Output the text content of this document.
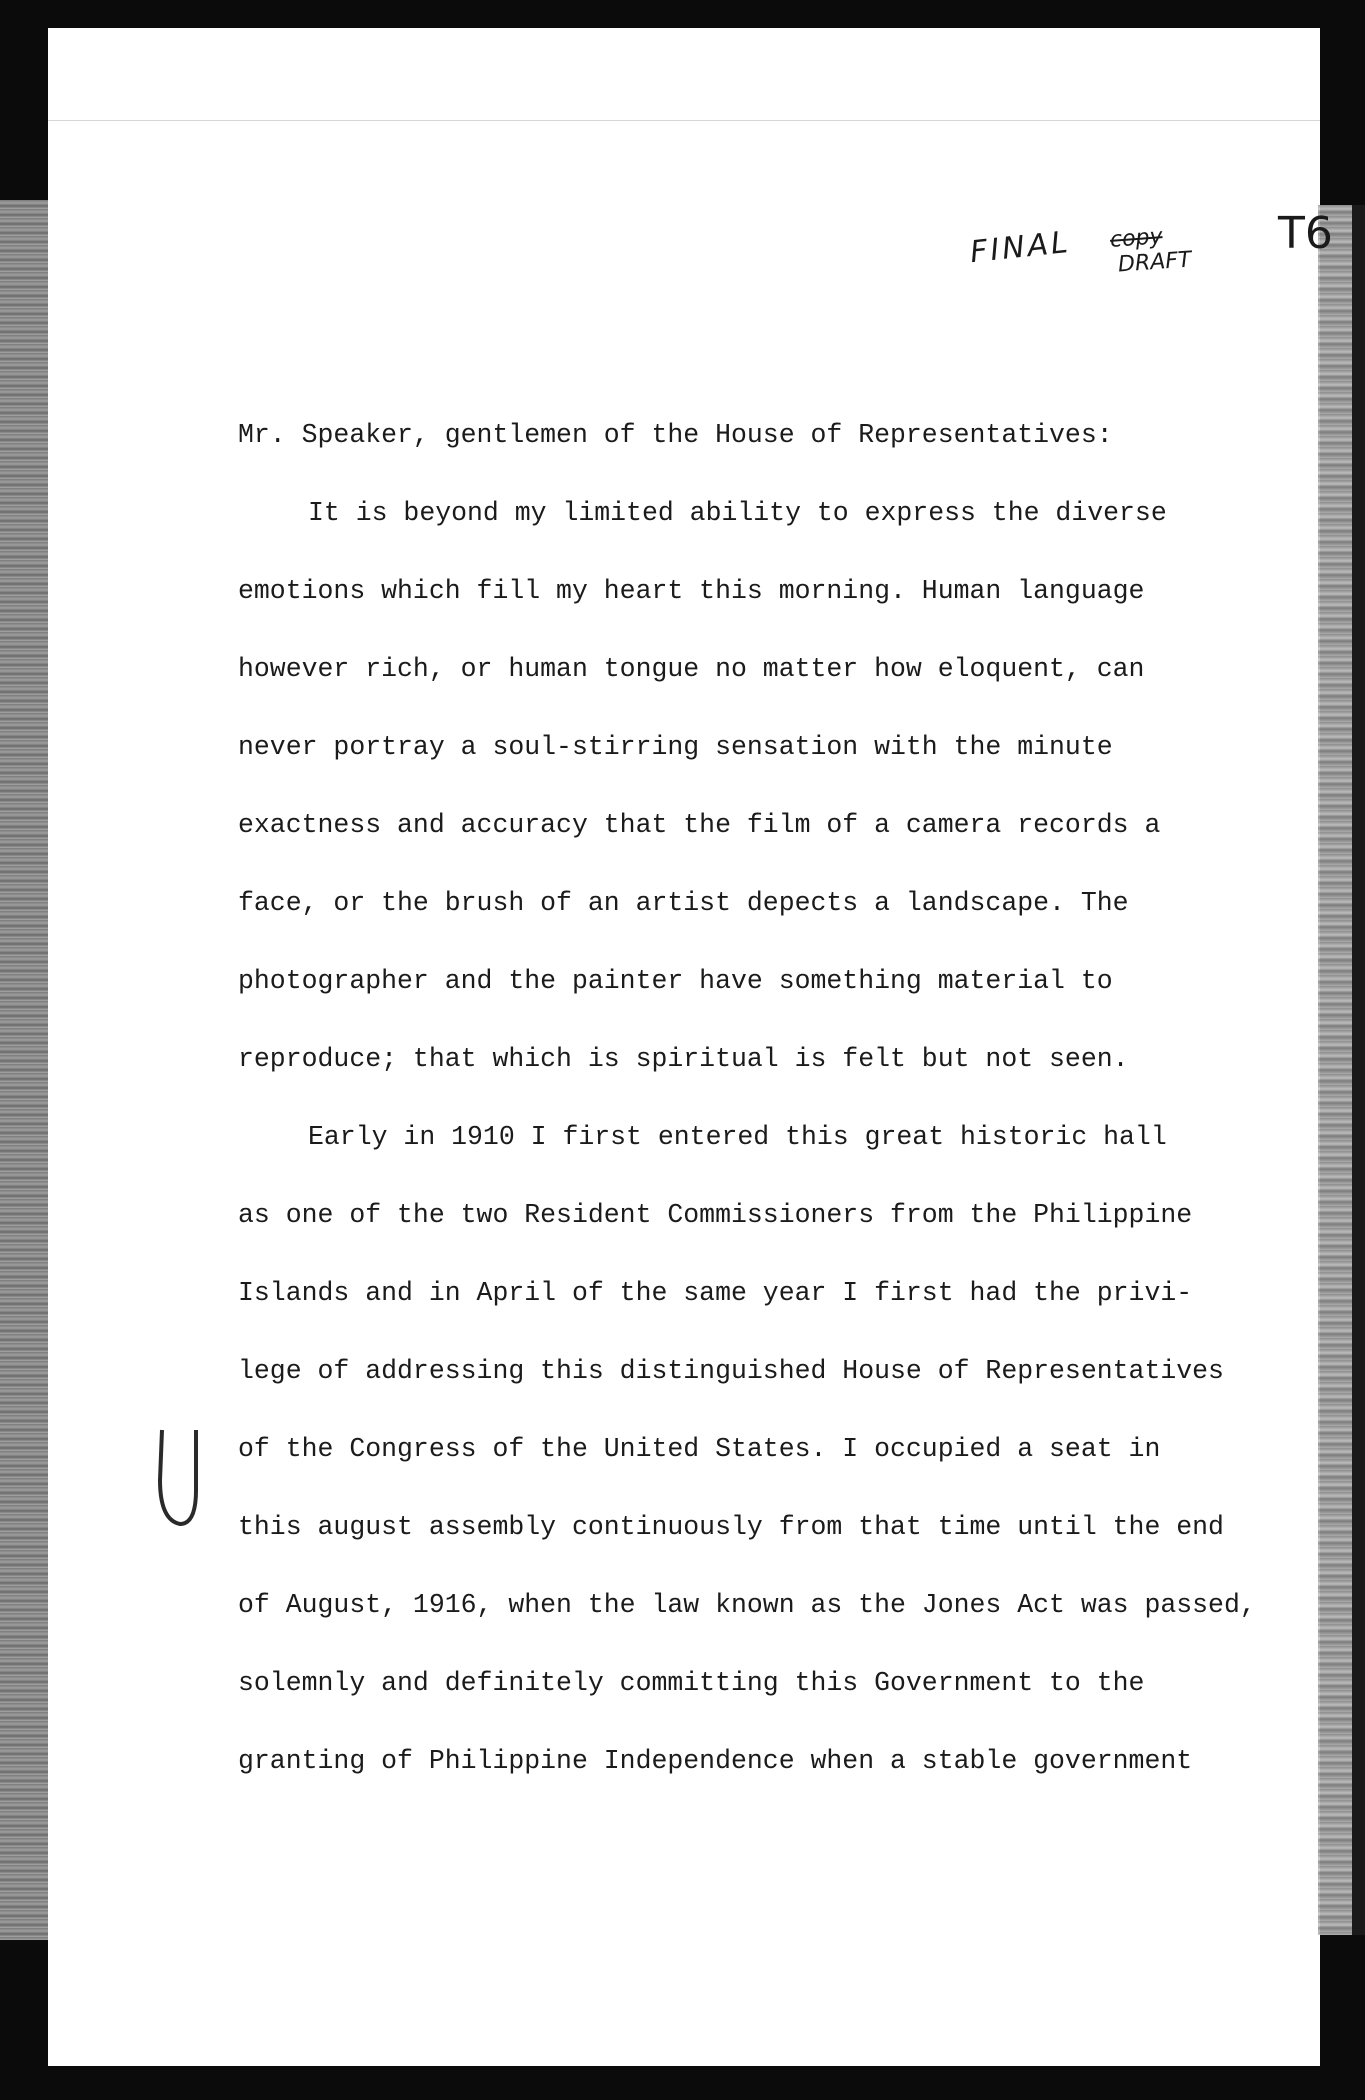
FINAL copy
DRAFT
T6
Mr. Speaker, gentlemen of the House of Representatives:
It is beyond my limited ability to express the diverse
emotions which fill my heart this morning. Human language
however rich, or human tongue no matter how eloquent, can
never portray a soul-stirring sensation with the minute
exactness and accuracy that the film of a camera records a
face, or the brush of an artist depects a landscape. The
photographer and the painter have something material to
reproduce; that which is spiritual is felt but not seen.
Early in 1910 I first entered this great historic hall
as one of the two Resident Commissioners from the Philippine
Islands and in April of the same year I first had the privi-
lege of addressing this distinguished House of Representatives
of the Congress of the United States. I occupied a seat in
this august assembly continuously from that time until the end
of August, 1916, when the law known as the Jones Act was passed,
solemnly and definitely committing this Government to the
granting of Philippine Independence when a stable government
